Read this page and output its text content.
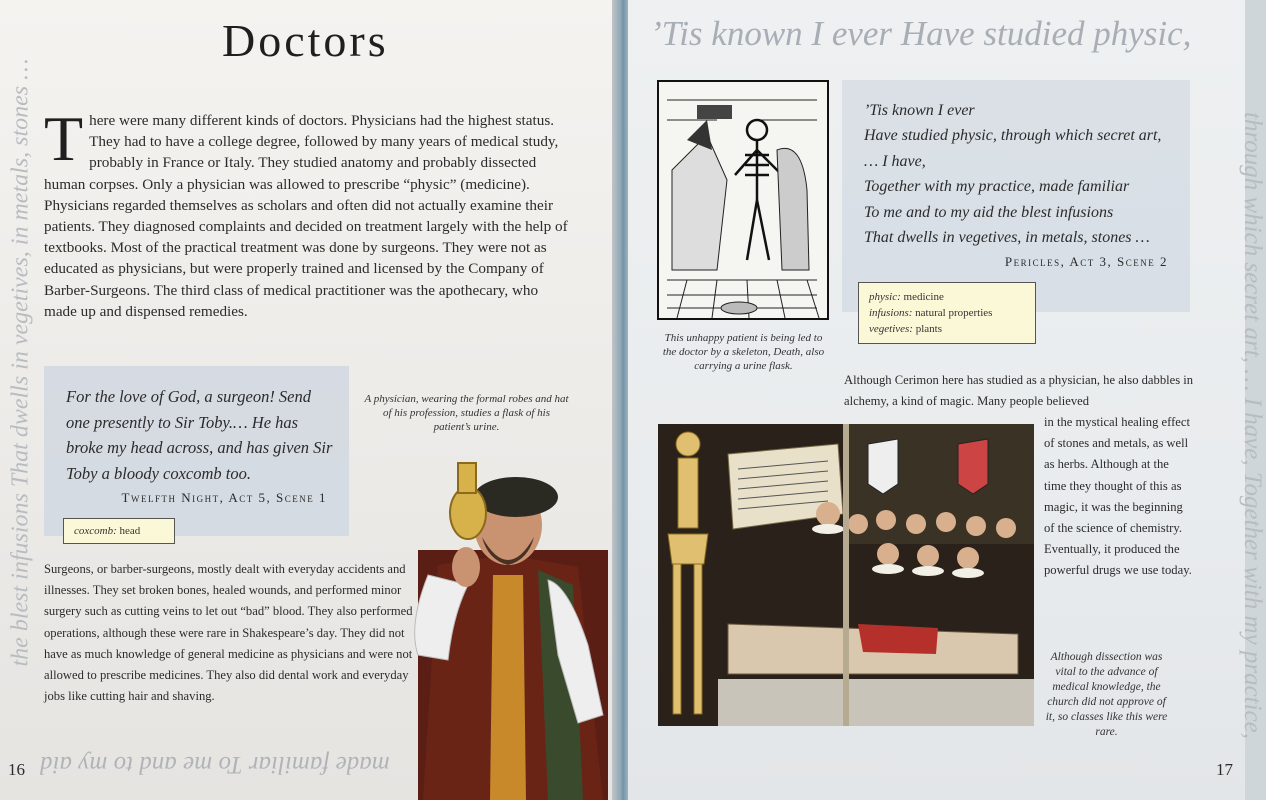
the blest infusions That dwells in vegetives, in metals, stones …
Doctors

There were many different kinds of doctors. Physicians had the highest status. They had to have a college degree, followed by many years of medical study, probably in France or Italy. They studied anatomy and probably dissected human corpses. Only a physician was allowed to prescribe “physic” (medicine). Physicians regarded themselves as scholars and often did not actually examine their patients. They diagnosed complaints and decided on treatment largely with the help of textbooks. Most of the practical treatment was done by surgeons. They were not as educated as physicians, but were properly trained and licensed by the Company of Barber-Surgeons. The third class of medical practitioner was the apothecary, who made up and dispensed remedies.

For the love of God, a surgeon! Send
one presently to Sir Toby.… He has
broke my head across, and has given Sir
Toby a bloody coxcomb too.

Twelfth Night, Act 5, Scene 1

coxcomb: head

A physician, wearing the formal robes and hat of his profession, studies a flask of his patient’s urine.

Surgeons, or barber-surgeons, mostly dealt with everyday accidents and illnesses. They set broken bones, healed wounds, and performed minor surgery such as cutting veins to let out “bad” blood. They also performed operations, although these were rare in Shakespeare’s day. They did not have as much knowledge of general medicine as physicians and were not allowed to prescribe medicines. They also did dental work and everyday jobs like cutting hair and shaving.

16 made familiar To me and to my aid
’Tis known I ever Have studied physic,
through which secret art, … I have, Together with my practice,

This unhappy patient is being led to the doctor by a skeleton, Death, also carrying a urine flask.

’Tis known I ever
Have studied physic, through which secret art,
… I have,
Together with my practice, made familiar
To me and to my aid the blest infusions
That dwells in vegetives, in metals, stones …

Pericles, Act 3, Scene 2

physic: medicine
infusions: natural properties
vegetives: plants

Although Cerimon here has studied as a physician, he also dabbles in alchemy, a kind of magic. Many people believed

in the mystical healing effect of stones and metals, as well as herbs. Although at the time they thought of this as magic, it was the beginning of the science of chemistry. Eventually, it produced the powerful drugs we use today.

Although dissection was vital to the advance of medical knowledge, the church did not approve of it, so classes like this were rare.

17
